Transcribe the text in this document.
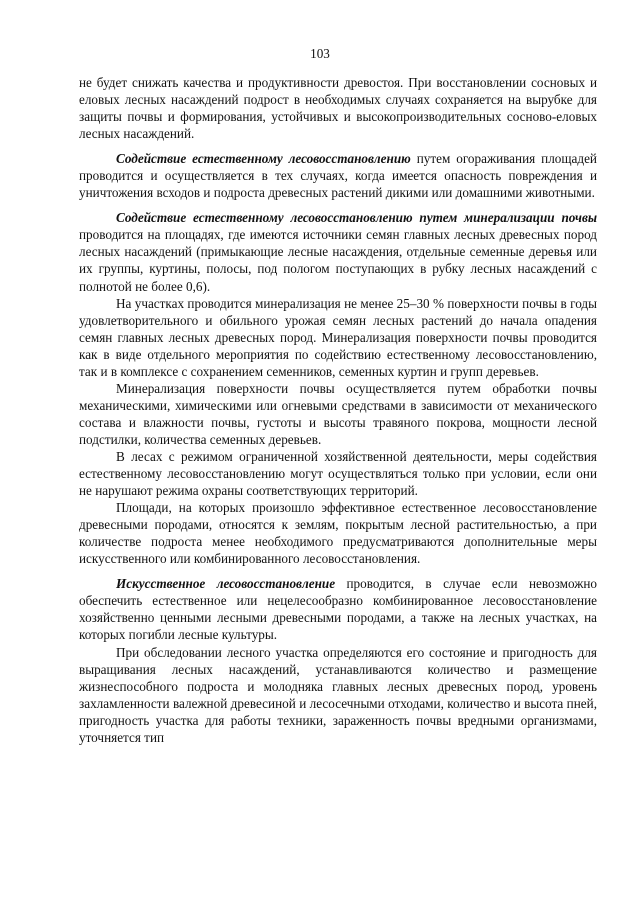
103

не будет снижать качества и продуктивности древостоя. При восстановлении сосновых и еловых лесных насаждений подрост в необходимых случаях сохраняется на вырубке для защиты почвы и формирования, устойчивых и высокопроизводительных сосново-еловых лесных насаждений.

Содействие естественному лесовосстановлению путем огораживания площадей проводится и осуществляется в тех случаях, когда имеется опасность повреждения и уничтожения всходов и подроста древесных растений дикими или домашними животными.

Содействие естественному лесовосстановлению путем минерализации почвы проводится на площадях, где имеются источники семян главных лесных древесных пород лесных насаждений (примыкающие лесные насаждения, отдельные семенные деревья или их группы, куртины, полосы, под пологом поступающих в рубку лесных насаждений с полнотой не более 0,6).

На участках проводится минерализация не менее 25–30 % поверхности почвы в годы удовлетворительного и обильного урожая семян лесных растений до начала опадения семян главных лесных древесных пород. Минерализация поверхности почвы проводится как в виде отдельного мероприятия по содействию естественному лесовосстановлению, так и в комплексе с сохранением семенников, семенных куртин и групп деревьев.

Минерализация поверхности почвы осуществляется путем обработки почвы механическими, химическими или огневыми средствами в зависимости от механического состава и влажности почвы, густоты и высоты травяного покрова, мощности лесной подстилки, количества семенных деревьев.

В лесах с режимом ограниченной хозяйственной деятельности, меры содействия естественному лесовосстановлению могут осуществляться только при условии, если они не нарушают режима охраны соответствующих территорий.

Площади, на которых произошло эффективное естественное лесовосстановление древесными породами, относятся к землям, покрытым лесной растительностью, а при количестве подроста менее необходимого предусматриваются дополнительные меры искусственного или комбинированного лесовосстановления.

Искусственное лесовосстановление проводится, в случае если невозможно обеспечить естественное или нецелесообразно комбинированное лесовосстановление хозяйственно ценными лесными древесными породами, а также на лесных участках, на которых погибли лесные культуры.

При обследовании лесного участка определяются его состояние и пригодность для выращивания лесных насаждений, устанавливаются количество и размещение жизнеспособного подроста и молодняка главных лесных древесных пород, уровень захламленности валежной древесиной и лесосечными отходами, количество и высота пней, пригодность участка для работы техники, зараженность почвы вредными организмами, уточняется тип
